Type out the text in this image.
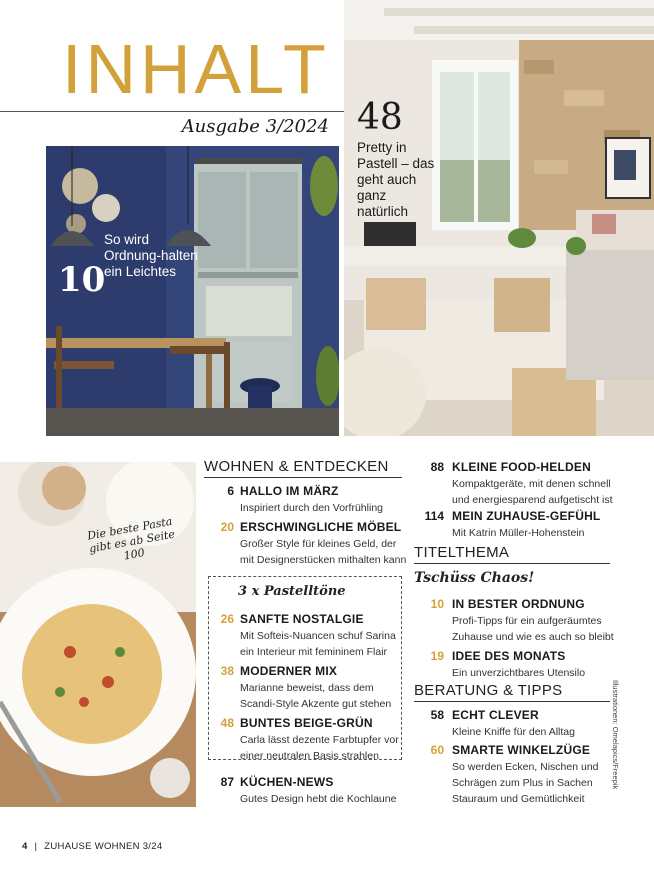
INHALT
Ausgabe 3/2024
10
So wird Ordnung-halten ein Leichtes
48
Pretty in Pastell – das geht auch ganz natürlich
Die beste Pasta gibt es ab Seite 100
WOHNEN & ENTDECKEN
6 HALLO IM MÄRZ
Inspiriert durch den Vorfrühling
20 ERSCHWINGLICHE MÖBEL
Großer Style für kleines Geld, der
mit Designerstücken mithalten kann
3 x Pastelltöne
26 SANFTE NOSTALGIE
Mit Softeis-Nuancen schuf Sarina
ein Interieur mit femininem Flair
38 MODERNER MIX
Marianne beweist, dass dem
Scandi-Style Akzente gut stehen
48 BUNTES BEIGE-GRÜN
Carla lässt dezente Farbtupfer vor
einer neutralen Basis strahlen
87 KÜCHEN-NEWS
Gutes Design hebt die Kochlaune
88 KLEINE FOOD-HELDEN
Kompaktgeräte, mit denen schnell
und energiesparend aufgetischt ist
114 MEIN ZUHAUSE-GEFÜHL
Mit Katrin Müller-Hohenstein
TITELTHEMA
Tschüss Chaos!
10 IN BESTER ORDNUNG
Profi-Tipps für ein aufgeräumtes
Zuhause und wie es auch so bleibt
19 IDEE DES MONATS
Ein unverzichtbares Utensilo
BERATUNG & TIPPS
58 ECHT CLEVER
Kleine Kniffe für den Alltag
60 SMARTE WINKELZÜGE
So werden Ecken, Nischen und
Schrägen zum Plus in Sachen
Stauraum und Gemütlichkeit
Illustrationen: Omelapics/Freepik
4 | ZUHAUSE WOHNEN 3/24
